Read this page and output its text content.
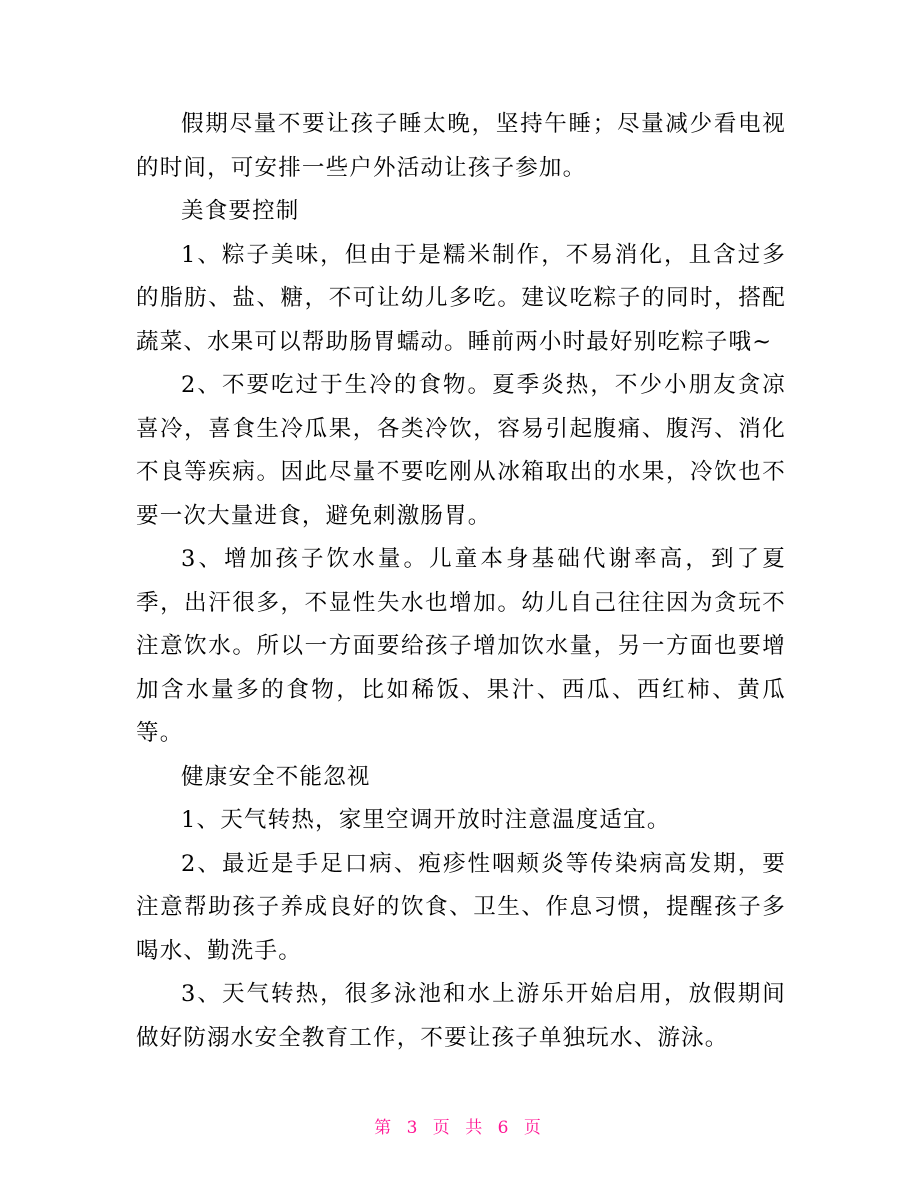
假期尽量不要让孩子睡太晚，坚持午睡；尽量减少看电视的时间，可安排一些户外活动让孩子参加。

美食要控制

1、粽子美味，但由于是糯米制作，不易消化，且含过多的脂肪、盐、糖，不可让幼儿多吃。建议吃粽子的同时，搭配蔬菜、水果可以帮助肠胃蠕动。睡前两小时最好别吃粽子哦~

2、不要吃过于生冷的食物。夏季炎热，不少小朋友贪凉喜冷，喜食生冷瓜果，各类冷饮，容易引起腹痛、腹泻、消化不良等疾病。因此尽量不要吃刚从冰箱取出的水果，冷饮也不要一次大量进食，避免刺激肠胃。

3、增加孩子饮水量。儿童本身基础代谢率高，到了夏季，出汗很多，不显性失水也增加。幼儿自己往往因为贪玩不注意饮水。所以一方面要给孩子增加饮水量，另一方面也要增加含水量多的食物，比如稀饭、果汁、西瓜、西红柿、黄瓜等。

健康安全不能忽视

1、天气转热，家里空调开放时注意温度适宜。

2、最近是手足口病、疱疹性咽颊炎等传染病高发期，要注意帮助孩子养成良好的饮食、卫生、作息习惯，提醒孩子多喝水、勤洗手。

3、天气转热，很多泳池和水上游乐开始启用，放假期间做好防溺水安全教育工作，不要让孩子单独玩水、游泳。

第 3 页 共 6 页
